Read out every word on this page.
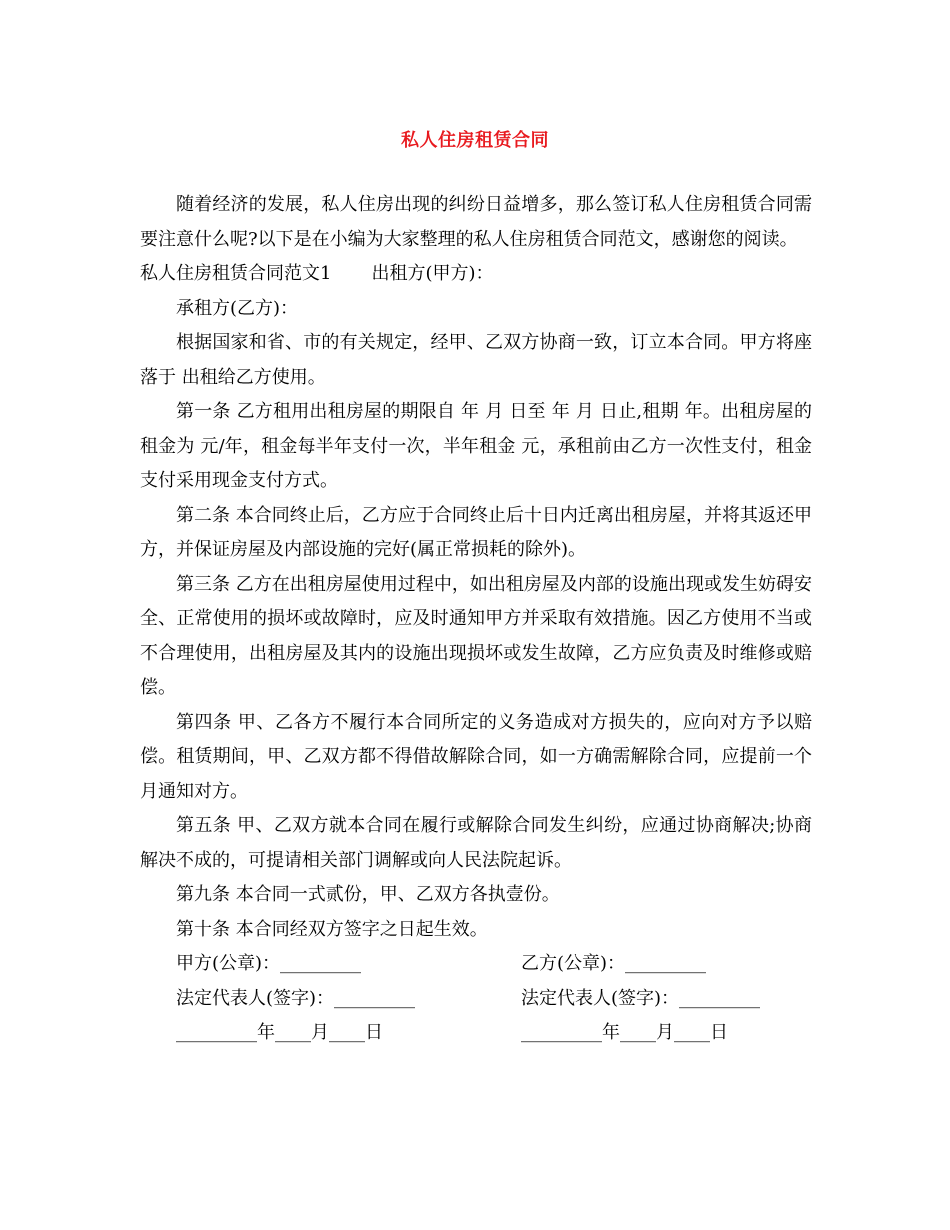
私人住房租赁合同

随着经济的发展，私人住房出现的纠纷日益增多，那么签订私人住房租赁合同需要注意什么呢?以下是在小编为大家整理的私人住房租赁合同范文，感谢您的阅读。

私人住房租赁合同范文1 出租方(甲方)：

承租方(乙方)：

根据国家和省、市的有关规定，经甲、乙双方协商一致，订立本合同。甲方将座落于 出租给乙方使用。

第一条 乙方租用出租房屋的期限自 年 月 日至 年 月 日止,租期 年。出租房屋的租金为 元/年，租金每半年支付一次，半年租金 元，承租前由乙方一次性支付，租金支付采用现金支付方式。

第二条 本合同终止后，乙方应于合同终止后十日内迁离出租房屋，并将其返还甲方，并保证房屋及内部设施的完好(属正常损耗的除外)。

第三条 乙方在出租房屋使用过程中，如出租房屋及内部的设施出现或发生妨碍安全、正常使用的损坏或故障时，应及时通知甲方并采取有效措施。因乙方使用不当或不合理使用，出租房屋及其内的设施出现损坏或发生故障，乙方应负责及时维修或赔偿。

第四条 甲、乙各方不履行本合同所定的义务造成对方损失的，应向对方予以赔偿。租赁期间，甲、乙双方都不得借故解除合同，如一方确需解除合同，应提前一个月通知对方。

第五条 甲、乙双方就本合同在履行或解除合同发生纠纷，应通过协商解决;协商解决不成的，可提请相关部门调解或向人民法院起诉。

第九条 本合同一式贰份，甲、乙双方各执壹份。

第十条 本合同经双方签字之日起生效。

甲方(公章)：_________	乙方(公章)：_________
法定代表人(签字)：_________	法定代表人(签字)：_________
_________年____月____日	_________年____月____日
